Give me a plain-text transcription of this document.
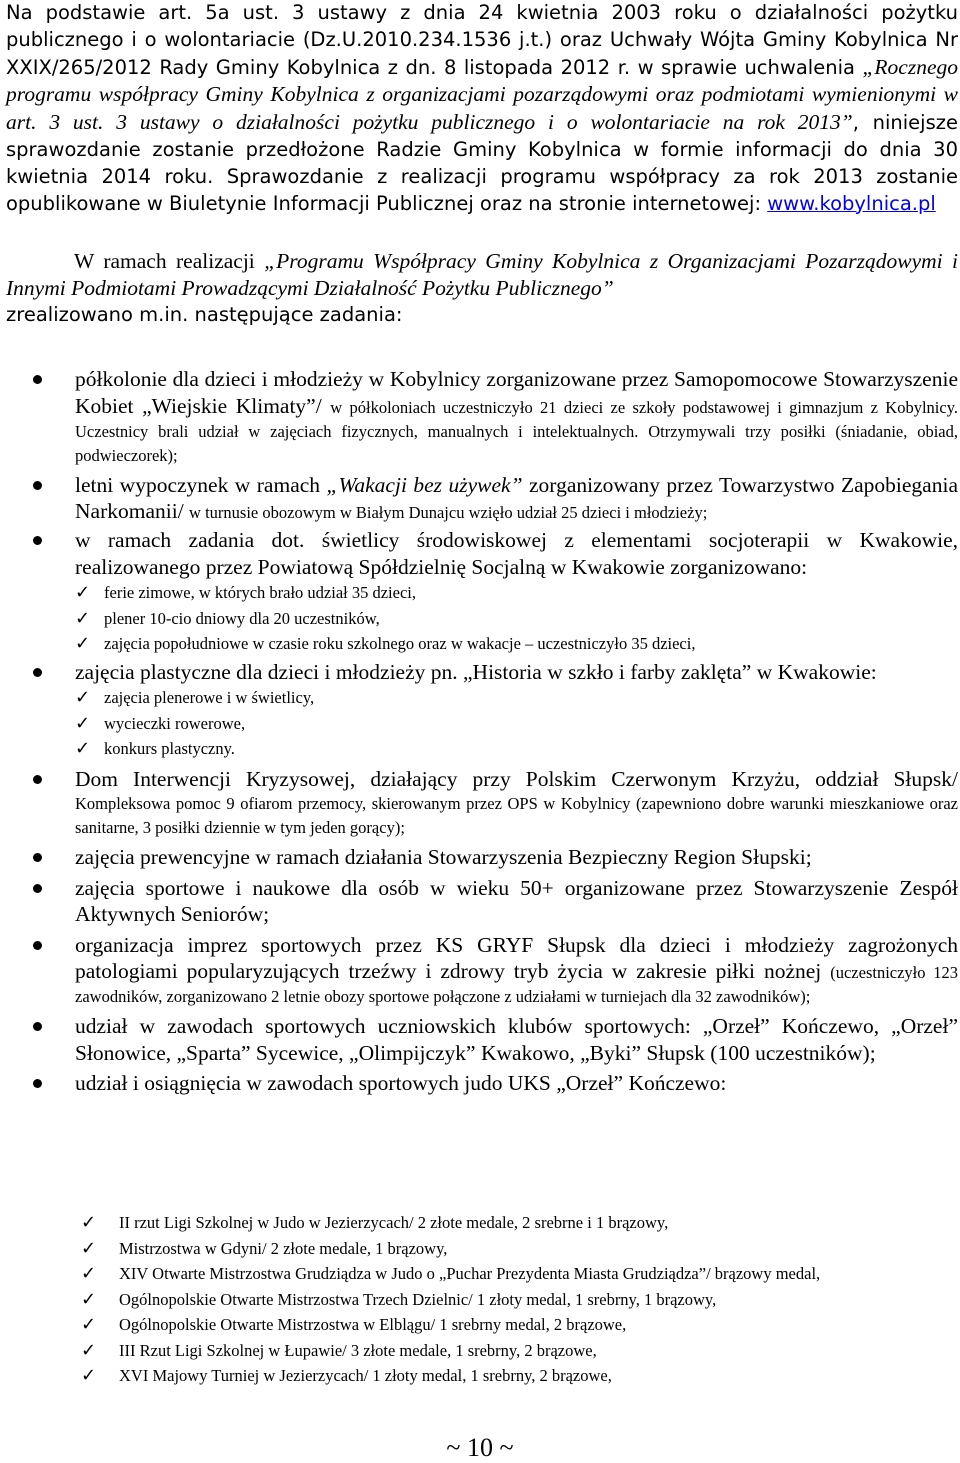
Na podstawie art. 5a ust. 3 ustawy z dnia 24 kwietnia 2003 roku o działalności pożytku publicznego i o wolontariacie (Dz.U.2010.234.1536 j.t.) oraz Uchwały Wójta Gminy Kobylnica Nr XXIX/265/2012 Rady Gminy Kobylnica z dn. 8 listopada 2012 r. w sprawie uchwalenia „Rocznego programu współpracy Gminy Kobylnica z organizacjami pozarządowymi oraz podmiotami wymienionymi w art. 3 ust. 3 ustawy o działalności pożytku publicznego i o wolontariacie na rok 2013”, niniejsze sprawozdanie zostanie przedłożone Radzie Gminy Kobylnica w formie informacji do dnia 30 kwietnia 2014 roku. Sprawozdanie z realizacji programu współpracy za rok 2013 zostanie opublikowane w Biuletynie Informacji Publicznej oraz na stronie internetowej: www.kobylnica.pl

W ramach realizacji „Programu Współpracy Gminy Kobylnica z Organizacjami Pozarządowymi i Innymi Podmiotami Prowadzącymi Działalność Pożytku Publicznego”

zrealizowano m.in. następujące zadania:

półkolonie dla dzieci i młodzieży w Kobylnicy zorganizowane przez Samopomocowe Stowarzyszenie Kobiet „Wiejskie Klimaty”/ w półkoloniach uczestniczyło 21 dzieci ze szkoły podstawowej i gimnazjum z Kobylnicy. Uczestnicy brali udział w zajęciach fizycznych, manualnych i intelektualnych. Otrzymywali trzy posiłki (śniadanie, obiad, podwieczorek);
letni wypoczynek w ramach „Wakacji bez używek” zorganizowany przez Towarzystwo Zapobiegania Narkomanii/ w turnusie obozowym w Białym Dunajcu wzięło udział 25 dzieci i młodzieży;
w ramach zadania dot. świetlicy środowiskowej z elementami socjoterapii w Kwakowie, realizowanego przez Powiatową Spółdzielnię Socjalną w Kwakowie zorganizowano:
✓ ferie zimowe, w których brało udział 35 dzieci,
✓ plener 10-cio dniowy dla 20 uczestników,
✓ zajęcia popołudniowe w czasie roku szkolnego oraz w wakacje – uczestniczyło 35 dzieci,
zajęcia plastyczne dla dzieci i młodzieży pn. „Historia w szkło i farby zaklęta” w Kwakowie:
✓ zajęcia plenerowe i w świetlicy,
✓ wycieczki rowerowe,
✓ konkurs plastyczny.
Dom Interwencji Kryzysowej, działający przy Polskim Czerwonym Krzyżu, oddział Słupsk/ Kompleksowa pomoc 9 ofiarom przemocy, skierowanym przez OPS w Kobylnicy (zapewniono dobre warunki mieszkaniowe oraz sanitarne, 3 posiłki dziennie w tym jeden gorący);
zajęcia prewencyjne w ramach działania Stowarzyszenia Bezpieczny Region Słupski;
zajęcia sportowe i naukowe dla osób w wieku 50+ organizowane przez Stowarzyszenie Zespół Aktywnych Seniorów;
organizacja imprez sportowych przez KS GRYF Słupsk dla dzieci i młodzieży zagrożonych patologiami popularyzujących trzeźwy i zdrowy tryb życia w zakresie piłki nożnej (uczestniczyło 123 zawodników, zorganizowano 2 letnie obozy sportowe połączone z udziałami w turniejach dla 32 zawodników);
udział w zawodach sportowych uczniowskich klubów sportowych: „Orzeł” Kończewo, „Orzeł” Słonowice, „Sparta” Sycewice, „Olimpijczyk” Kwakowo, „Byki” Słupsk (100 uczestników);
udział i osiągnięcia w zawodach sportowych judo UKS „Orzeł” Kończewo:
✓ II rzut Ligi Szkolnej w Judo w Jezierzycach/ 2 złote medale, 2 srebrne i 1 brązowy,
✓ Mistrzostwa w Gdyni/ 2 złote medale, 1 brązowy,
✓ XIV Otwarte Mistrzostwa Grudziądza w Judo o „Puchar Prezydenta Miasta Grudziądza”/ brązowy medal,
✓ Ogólnopolskie Otwarte Mistrzostwa Trzech Dzielnic/ 1 złoty medal, 1 srebrny, 1 brązowy,
✓ Ogólnopolskie Otwarte Mistrzostwa w Elblągu/ 1 srebrny medal, 2 brązowe,
✓ III Rzut Ligi Szkolnej w Łupawie/ 3 złote medale, 1 srebrny, 2 brązowe,
✓ XVI Majowy Turniej w Jezierzycach/ 1 złoty medal, 1 srebrny, 2 brązowe,
~ 10 ~
